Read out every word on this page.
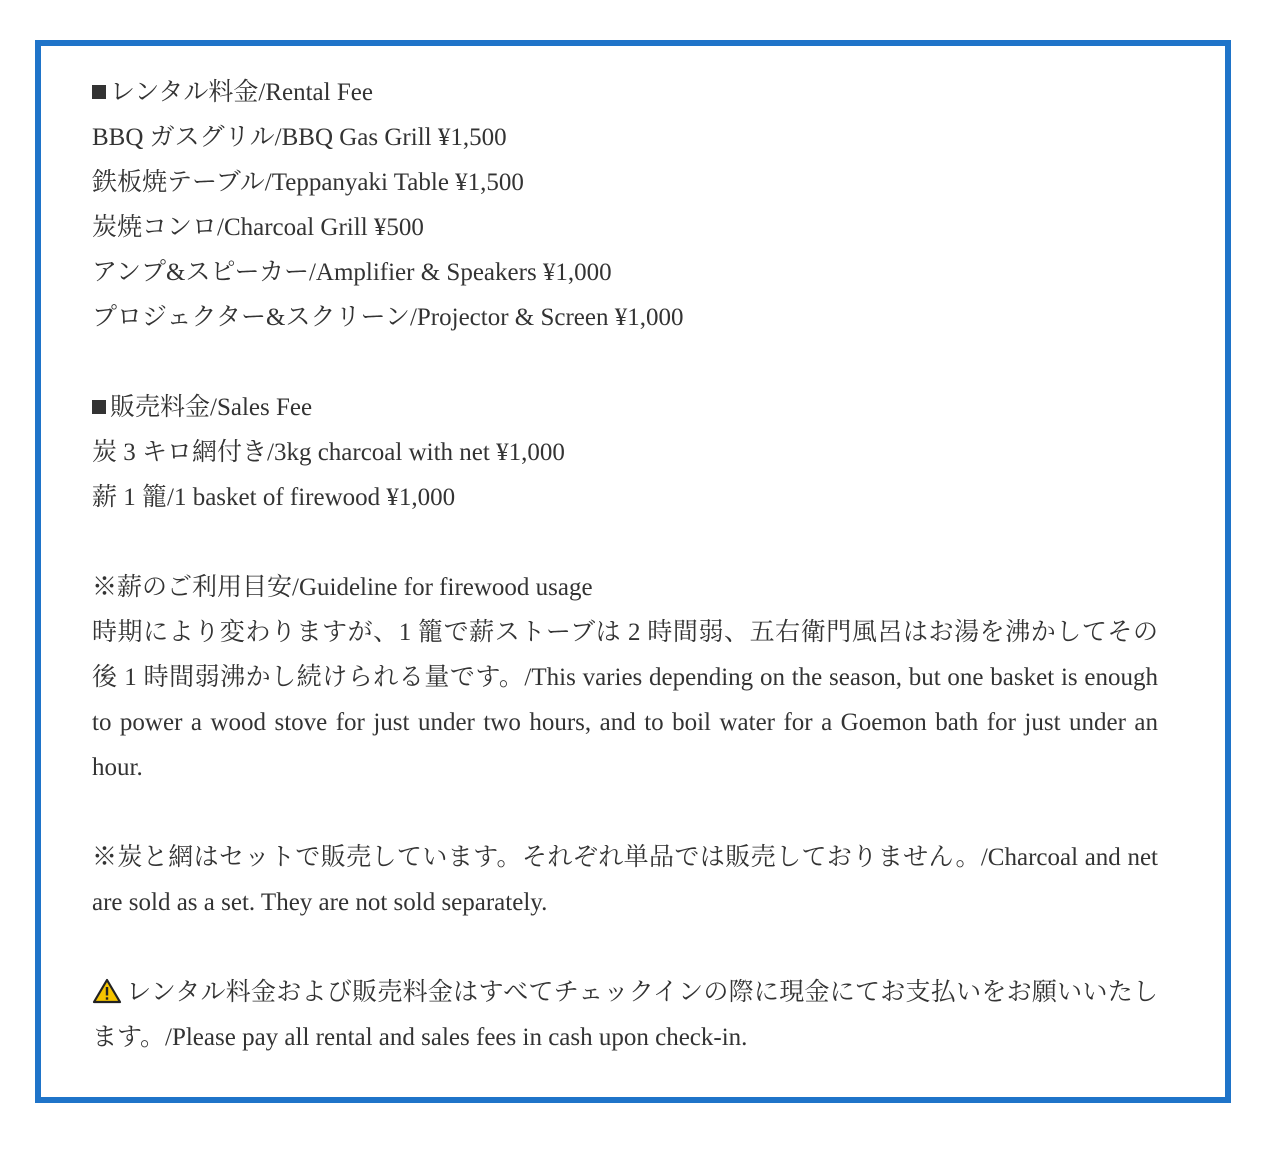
レンタル料金/Rental Fee
BBQ ガスグリル/BBQ Gas Grill ¥1,500
鉄板焼テーブル/Teppanyaki Table ¥1,500
炭焼コンロ/Charcoal Grill ¥500
アンプ&スピーカー/Amplifier & Speakers ¥1,000
プロジェクター&スクリーン/Projector & Screen ¥1,000
販売料金/Sales Fee
炭 3 キロ網付き/3kg charcoal with net ¥1,000
薪 1 籠/1 basket of firewood ¥1,000
※薪のご利用目安/Guideline for firewood usage
時期により変わりますが、1 籠で薪ストーブは 2 時間弱、五右衛門風呂はお湯を沸かしてその後 1 時間弱沸かし続けられる量です。/This varies depending on the season, but one basket is enough to power a wood stove for just under two hours, and to boil water for a Goemon bath for just under an hour.
※炭と網はセットで販売しています。それぞれ単品では販売しておりません。/Charcoal and net are sold as a set. They are not sold separately.
レンタル料金および販売料金はすべてチェックインの際に現金にてお支払いをお願いいたします。/Please pay all rental and sales fees in cash upon check-in.
